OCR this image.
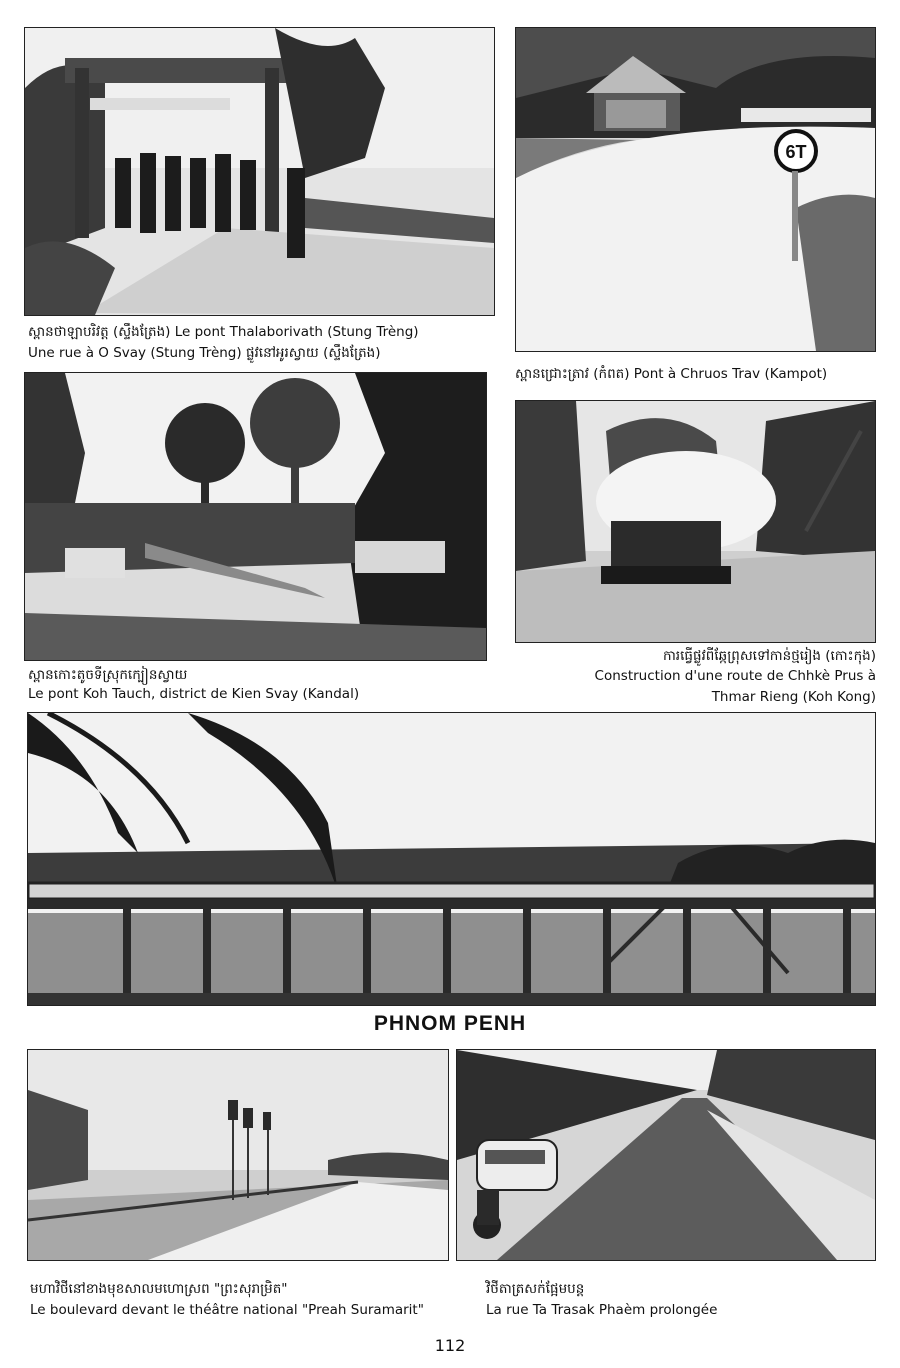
ស្ពានថាឡាបរិវត្ត (ស្ទឹងត្រែង) Le pont Thalaborivath (Stung Trèng)
Une rue à O Svay (Stung Trèng) ផ្លូវនៅអូរស្វាយ (ស្ទឹងត្រែង)
6T
ស្ពានជ្រោះត្រាវ (កំពត) Pont à Chruos Trav (Kampot)
ស្ពានកោះតូចទីស្រុកក្បៀនស្វាយ
Le pont Koh Tauch, district de Kien Svay (Kandal)
ការធ្វើផ្លូវពីឆ្កែព្រុសទៅកាន់ថ្មរៀង (កោះកុង)
Construction d'une route de Chhkè Prus à
Thmar Rieng (Koh Kong)
PHNOM PENH
មហាវិថីនៅខាងមុខសាលមហោស្រព "ព្រះសុរាម្រិត"
Le boulevard devant le théâtre national "Preah Suramarit"
វិថីតាត្រសក់ផ្អែមបន្ត
La rue Ta Trasak Phaèm prolongée
112
